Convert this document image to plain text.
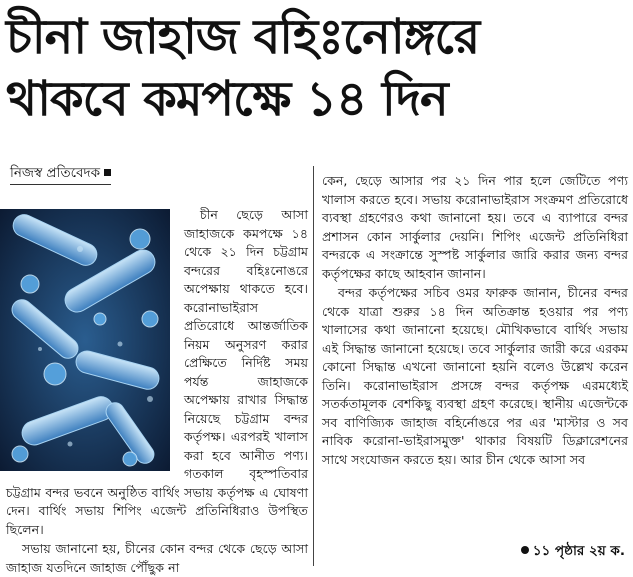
চীনা জাহাজ বহিঃনোঙ্গরে
থাকবে কমপক্ষে ১৪ দিন
নিজস্ব প্রতিবেদক

চীন ছেড়ে আসা জাহাজকে কমপক্ষে ১৪ থেকে ২১ দিন চট্টগ্রাম বন্দরের বহিঃনোঙরে অপেক্ষায় থাকতে হবে। করোনাভাইরাস প্রতিরোধে আন্তর্জাতিক নিয়ম অনুসরণ করার প্রেক্ষিতে নির্দিষ্ট সময় পর্যন্ত জাহাজকে অপেক্ষায় রাখার সিদ্ধান্ত নিয়েছে চট্টগ্রাম বন্দর কর্তৃপক্ষ। এরপরই খালাস করা হবে আনীত পণ্য। গতকাল বৃহস্পতিবার চট্টগ্রাম বন্দর ভবনে অনুষ্ঠিত বার্থিং সভায় কর্তৃপক্ষ এ ঘোষণা দেন। বার্থিং সভায় শিপিং এজেন্ট প্রতিনিধিরাও উপস্থিত ছিলেন।

সভায় জানানো হয়, চীনের কোন বন্দর থেকে ছেড়ে আসা জাহাজ যতদিনে জাহাজ পৌঁছুক না

কেন, ছেড়ে আসার পর ২১ দিন পার হলে জেটিতে পণ্য খালাস করতে হবে। সভায় করোনাভাইরাস সংক্রমণ প্রতিরোধে ব্যবস্থা গ্রহণেরও কথা জানানো হয়। তবে এ ব্যাপারে বন্দর প্রশাসন কোন সার্কুলার দেয়নি। শিপিং এজেন্ট প্রতিনিধিরা বন্দরকে এ সংক্রান্তে সুস্পষ্ট সার্কুলার জারি করার জন্য বন্দর কর্তৃপক্ষের কাছে আহবান জানান।

বন্দর কর্তৃপক্ষের সচিব ওমর ফারুক জানান, চীনের বন্দর থেকে যাত্রা শুরুর ১৪ দিন অতিক্রান্ত হওয়ার পর পণ্য খালাসের কথা জানানো হয়েছে। মৌখিকভাবে বার্থিং সভায় এই সিদ্ধান্ত জানানো হয়েছে। তবে সার্কুলার জারী করে এরকম কোনো সিদ্ধান্ত এখনো জানানো হয়নি বলেও উল্লেখ করেন তিনি। করোনাভাইরাস প্রসঙ্গে বন্দর কর্তৃপক্ষ এরমধ্যেই সতর্কতামূলক বেশকিছু ব্যবস্থা গ্রহণ করেছে। স্থানীয় এজেন্টকে সব বাণিজ্যিক জাহাজ বহির্নোঙরে পর এর 'মাস্টার ও সব নাবিক করোনা-ভাইরাসমুক্ত' থাকার বিষয়টি ডিক্লারেশনের সাথে সংযোজন করতে হয়। আর চীন থেকে আসা সব

১১ পৃষ্ঠার ২য় ক.
